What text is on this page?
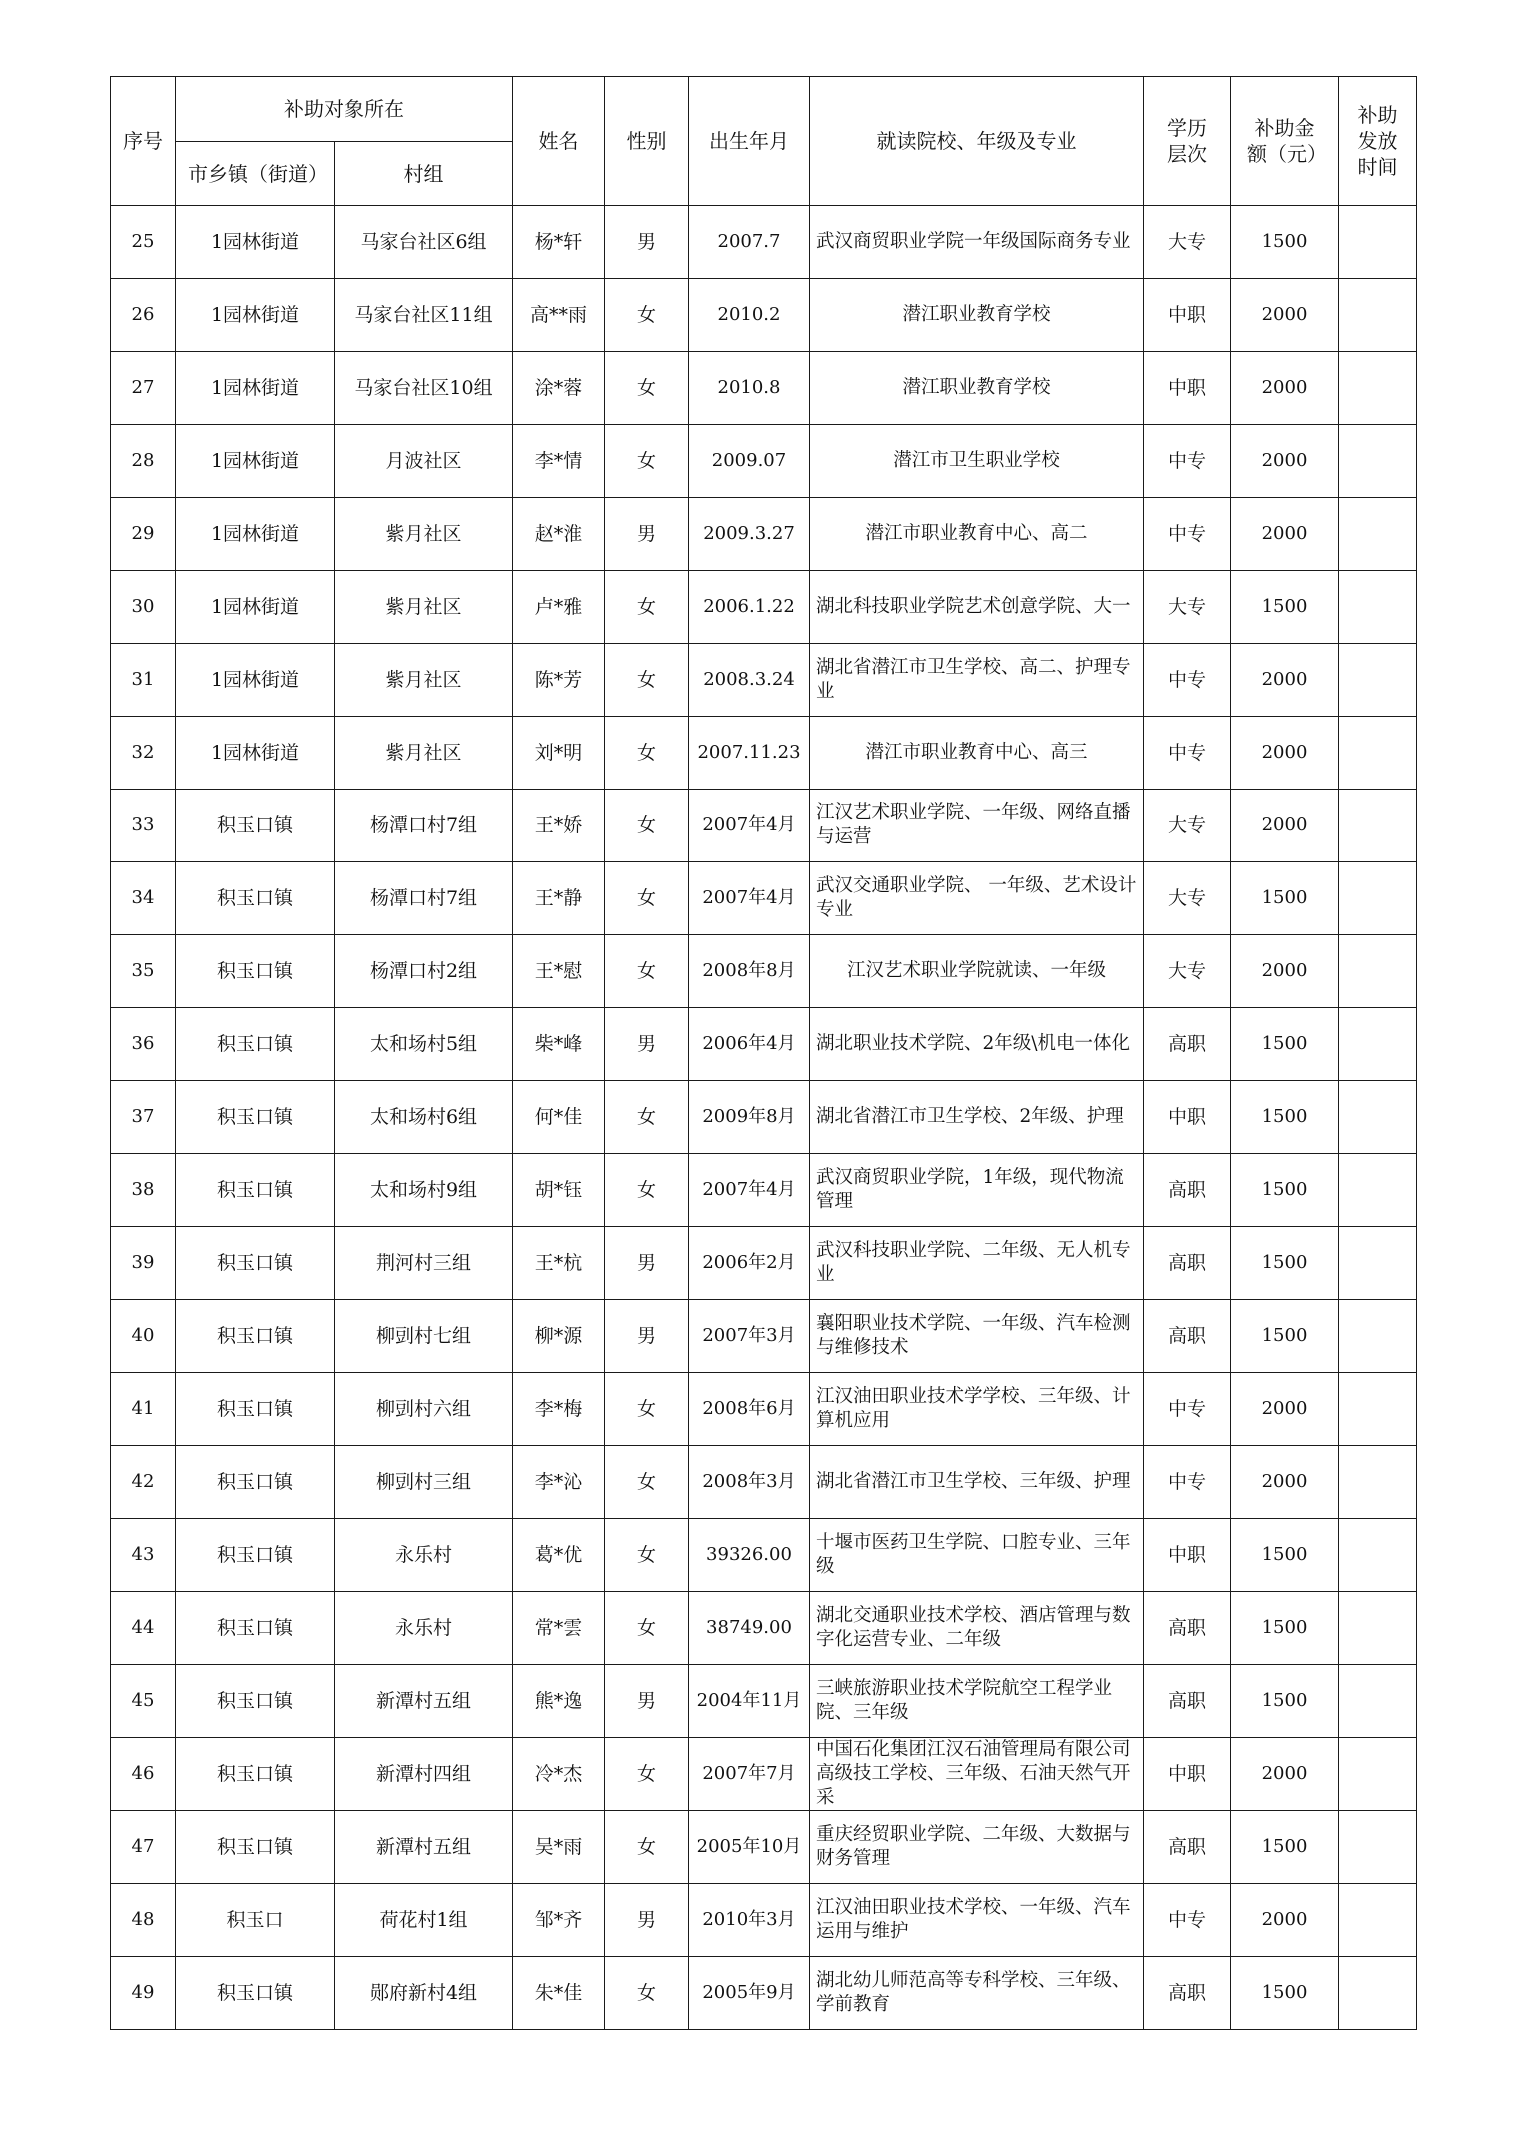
序号	补助对象所在		姓名	性别	出生年月	就读院校、年级及专业	学历层次	补助金额（元）	补助发放时间
	市乡镇（街道）	村组							
25	1园林街道	马家台社区6组	杨*轩	男	2007.7	武汉商贸职业学院一年级国际商务专业	大专	1500	
26	1园林街道	马家台社区11组	高**雨	女	2010.2	潜江职业教育学校	中职	2000	
27	1园林街道	马家台社区10组	涂*蓉	女	2010.8	潜江职业教育学校	中职	2000	
28	1园林街道	月波社区	李*情	女	2009.07	潜江市卫生职业学校	中专	2000	
29	1园林街道	紫月社区	赵*淮	男	2009.3.27	潜江市职业教育中心、高二	中专	2000	
30	1园林街道	紫月社区	卢*雅	女	2006.1.22	湖北科技职业学院艺术创意学院、大一	大专	1500	
31	1园林街道	紫月社区	陈*芳	女	2008.3.24	湖北省潜江市卫生学校、高二、护理专业	中专	2000	
32	1园林街道	紫月社区	刘*明	女	2007.11.23	潜江市职业教育中心、高三	中专	2000	
33	积玉口镇	杨潭口村7组	王*娇	女	2007年4月	江汉艺术职业学院、一年级、网络直播与运营	大专	2000	
34	积玉口镇	杨潭口村7组	王*静	女	2007年4月	武汉交通职业学院、 一年级、艺术设计专业	大专	1500	
35	积玉口镇	杨潭口村2组	王*慰	女	2008年8月	江汉艺术职业学院就读、一年级	大专	2000	
36	积玉口镇	太和场村5组	柴*峰	男	2006年4月	湖北职业技术学院、2年级\机电一体化	高职	1500	
37	积玉口镇	太和场村6组	何*佳	女	2009年8月	湖北省潜江市卫生学校、2年级、护理	中职	1500	
38	积玉口镇	太和场村9组	胡*钰	女	2007年4月	武汉商贸职业学院，1年级，现代物流管理	高职	1500	
39	积玉口镇	荆河村三组	王*杭	男	2006年2月	武汉科技职业学院、二年级、无人机专业	高职	1500	
40	积玉口镇	柳剅村七组	柳*源	男	2007年3月	襄阳职业技术学院、一年级、汽车检测与维修技术	高职	1500	
41	积玉口镇	柳剅村六组	李*梅	女	2008年6月	江汉油田职业技术学学校、三年级、计算机应用	中专	2000	
42	积玉口镇	柳剅村三组	李*沁	女	2008年3月	湖北省潜江市卫生学校、三年级、护理	中专	2000	
43	积玉口镇	永乐村	葛*优	女	39326.00	十堰市医药卫生学院、口腔专业、三年级	中职	1500	
44	积玉口镇	永乐村	常*雲	女	38749.00	湖北交通职业技术学校、酒店管理与数字化运营专业、二年级	高职	1500	
45	积玉口镇	新潭村五组	熊*逸	男	2004年11月	三峡旅游职业技术学院航空工程学业院、三年级	高职	1500	
46	积玉口镇	新潭村四组	冷*杰	女	2007年7月	中国石化集团江汉石油管理局有限公司高级技工学校、三年级、石油天然气开采	中职	2000	
47	积玉口镇	新潭村五组	吴*雨	女	2005年10月	重庆经贸职业学院、二年级、大数据与财务管理	高职	1500	
48	积玉口	荷花村1组	邹*齐	男	2010年3月	江汉油田职业技术学校、一年级、汽车运用与维护	中专	2000	
49	积玉口镇	郧府新村4组	朱*佳	女	2005年9月	湖北幼儿师范高等专科学校、三年级、学前教育	高职	1500	
